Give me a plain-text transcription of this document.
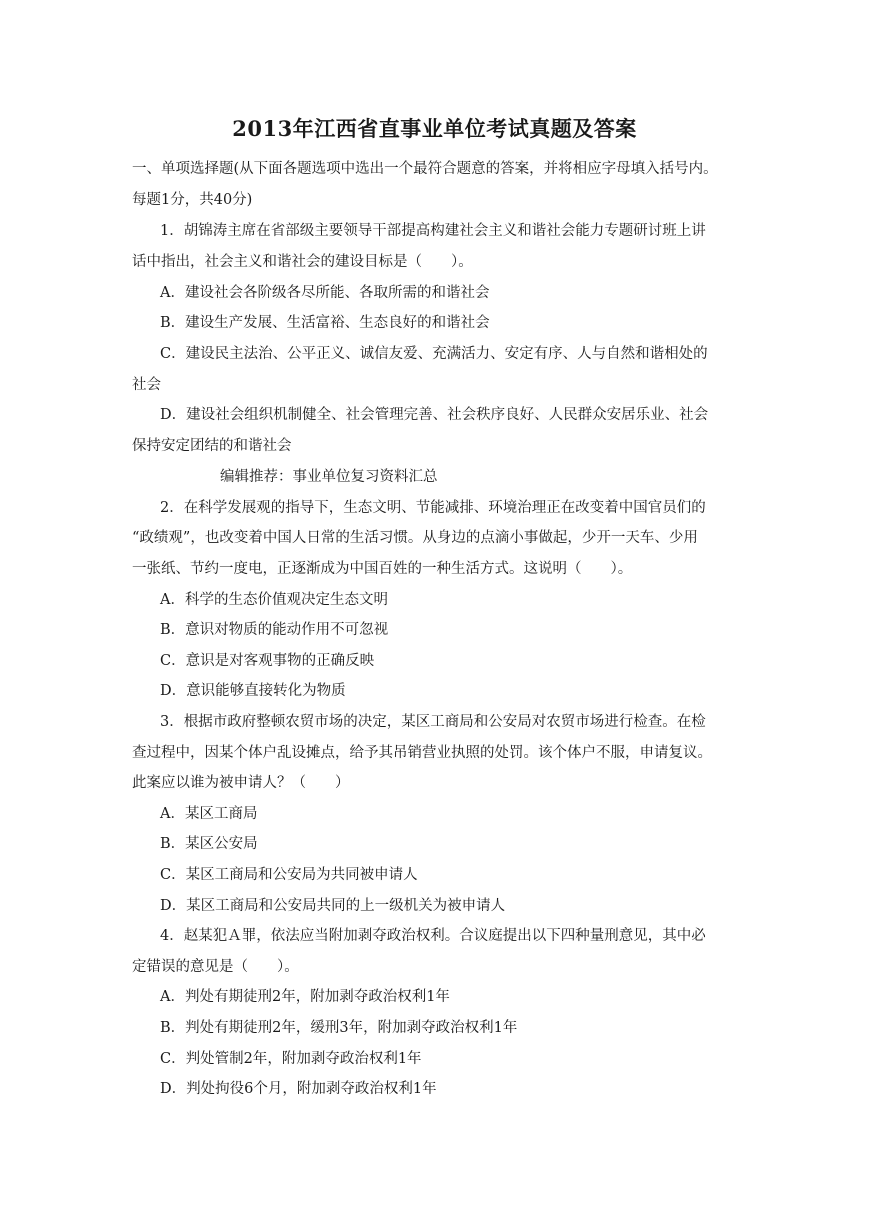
2013年江西省直事业单位考试真题及答案
一、单项选择题(从下面各题选项中选出一个最符合题意的答案，并将相应字母填入括号内。
每题1分，共40分)
1．胡锦涛主席在省部级主要领导干部提高构建社会主义和谐社会能力专题研讨班上讲
话中指出，社会主义和谐社会的建设目标是（　　）。
A．建设社会各阶级各尽所能、各取所需的和谐社会
B．建设生产发展、生活富裕、生态良好的和谐社会
C．建设民主法治、公平正义、诚信友爱、充满活力、安定有序、人与自然和谐相处的
社会
D．建设社会组织机制健全、社会管理完善、社会秩序良好、人民群众安居乐业、社会
保持安定团结的和谐社会
编辑推荐：事业单位复习资料汇总
2．在科学发展观的指导下，生态文明、节能减排、环境治理正在改变着中国官员们的
“政绩观”，也改变着中国人日常的生活习惯。从身边的点滴小事做起，少开一天车、少用
一张纸、节约一度电，正逐渐成为中国百姓的一种生活方式。这说明（　　）。
A．科学的生态价值观决定生态文明
B．意识对物质的能动作用不可忽视
C．意识是对客观事物的正确反映
D．意识能够直接转化为物质
3．根据市政府整顿农贸市场的决定，某区工商局和公安局对农贸市场进行检查。在检
查过程中，因某个体户乱设摊点，给予其吊销营业执照的处罚。该个体户不服，申请复议。
此案应以谁为被申请人？（　　）
A．某区工商局
B．某区公安局
C．某区工商局和公安局为共同被申请人
D．某区工商局和公安局共同的上一级机关为被申请人
4．赵某犯Ａ罪，依法应当附加剥夺政治权利。合议庭提出以下四种量刑意见，其中必
定错误的意见是（　　）。
A．判处有期徒刑2年，附加剥夺政治权利1年
B．判处有期徒刑2年，缓刑3年，附加剥夺政治权利1年
C．判处管制2年，附加剥夺政治权利1年
D．判处拘役6个月，附加剥夺政治权利1年
